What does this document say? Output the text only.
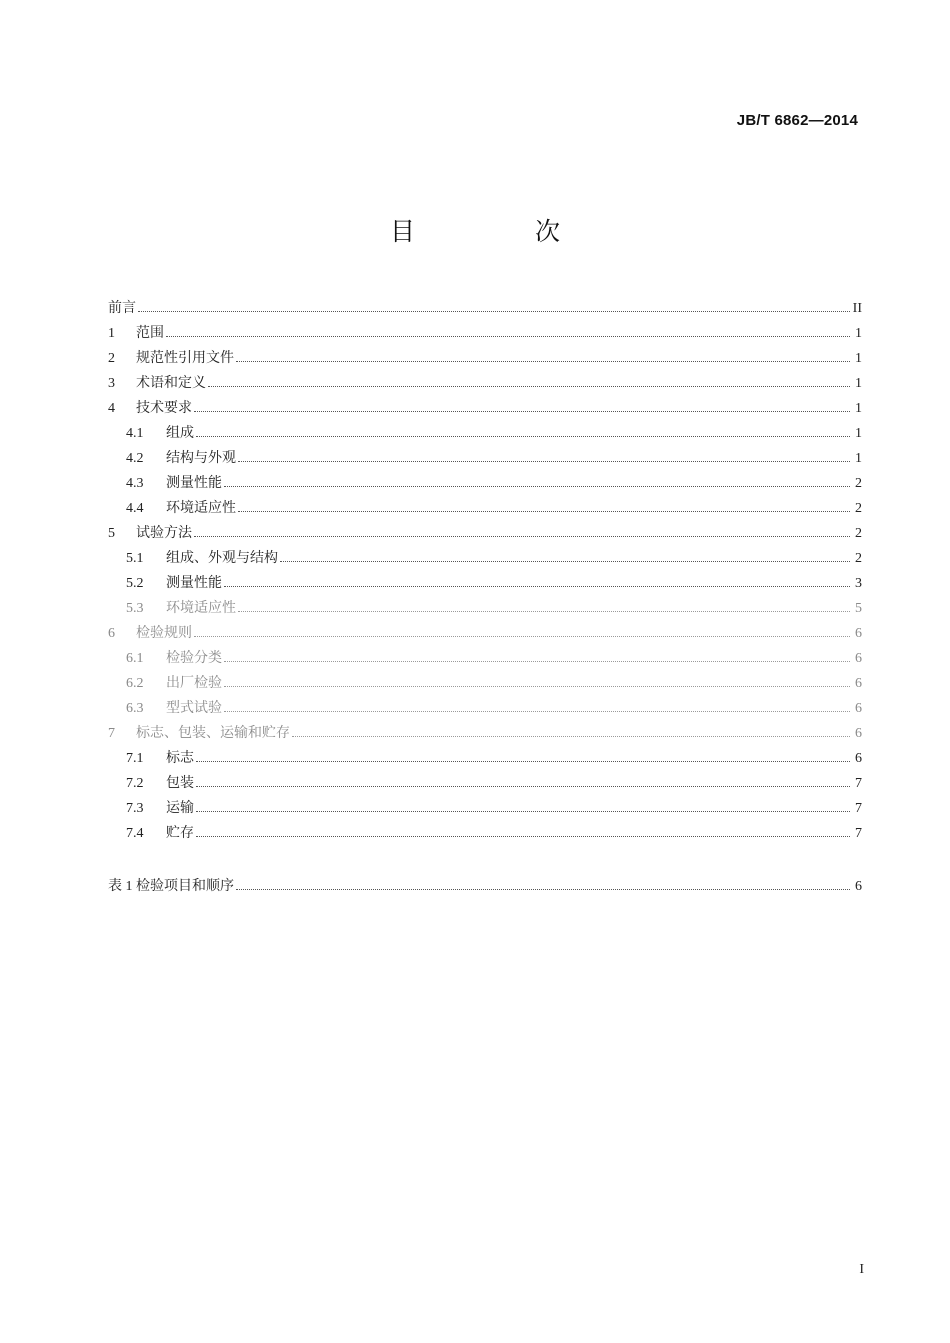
JB/T 6862—2014
目 次
前言	II
1	范围	1
2	规范性引用文件	1
3	术语和定义	1
4	技术要求	1
4.1	组成	1
4.2	结构与外观	1
4.3	测量性能	2
4.4	环境适应性	2
5	试验方法	2
5.1	组成、外观与结构	2
5.2	测量性能	3
5.3	环境适应性	5
6	检验规则	6
6.1	检验分类	6
6.2	出厂检验	6
6.3	型式试验	6
7	标志、包装、运输和贮存	6
7.1	标志	6
7.2	包装	7
7.3	运输	7
7.4	贮存	7
表 1 检验项目和顺序	6
I
